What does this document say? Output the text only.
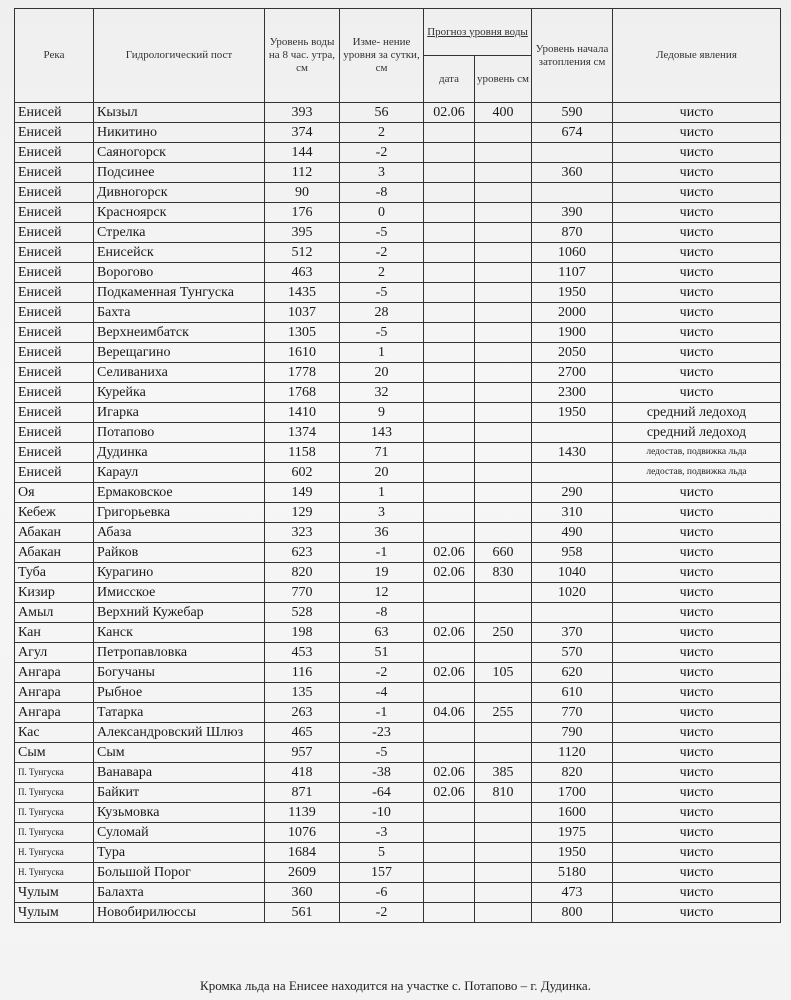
Река	Гидрологический пост	Уровень воды на 8 час. утра, см	Изме- нение уровня за сутки, см	Прогноз уровня воды		Уровень начала затопления см	Ледовые явления
				дата	уровень см		
Енисей	Кызыл	393	56	02.06	400	590	чисто
Енисей	Никитино	374	2			674	чисто
Енисей	Саяногорск	144	-2				чисто
Енисей	Подсинее	112	3			360	чисто
Енисей	Дивногорск	90	-8				чисто
Енисей	Красноярск	176	0			390	чисто
Енисей	Стрелка	395	-5			870	чисто
Енисей	Енисейск	512	-2			1060	чисто
Енисей	Ворогово	463	2			1107	чисто
Енисей	Подкаменная Тунгуска	1435	-5			1950	чисто
Енисей	Бахта	1037	28			2000	чисто
Енисей	Верхнеимбатск	1305	-5			1900	чисто
Енисей	Верещагино	1610	1			2050	чисто
Енисей	Селиваниха	1778	20			2700	чисто
Енисей	Курейка	1768	32			2300	чисто
Енисей	Игарка	1410	9			1950	средний ледоход
Енисей	Потапово	1374	143				средний ледоход
Енисей	Дудинка	1158	71			1430	ледостав, подвижка льда
Енисей	Караул	602	20				ледостав, подвижка льда
Оя	Ермаковское	149	1			290	чисто
Кебеж	Григорьевка	129	3			310	чисто
Абакан	Абаза	323	36			490	чисто
Абакан	Райков	623	-1	02.06	660	958	чисто
Туба	Курагино	820	19	02.06	830	1040	чисто
Кизир	Имисское	770	12			1020	чисто
Амыл	Верхний Кужебар	528	-8				чисто
Кан	Канск	198	63	02.06	250	370	чисто
Агул	Петропавловка	453	51			570	чисто
Ангара	Богучаны	116	-2	02.06	105	620	чисто
Ангара	Рыбное	135	-4			610	чисто
Ангара	Татарка	263	-1	04.06	255	770	чисто
Кас	Александровский Шлюз	465	-23			790	чисто
Сым	Сым	957	-5			1120	чисто
П. Тунгуска	Ванавара	418	-38	02.06	385	820	чисто
П. Тунгуска	Байкит	871	-64	02.06	810	1700	чисто
П. Тунгуска	Кузьмовка	1139	-10			1600	чисто
П. Тунгуска	Суломай	1076	-3			1975	чисто
Н. Тунгуска	Тура	1684	5			1950	чисто
Н. Тунгуска	Большой Порог	2609	157			5180	чисто
Чулым	Балахта	360	-6			473	чисто
Чулым	Новобирилюссы	561	-2			800	чисто
Кромка льда на Енисее находится на участке с. Потапово – г. Дудинка.
